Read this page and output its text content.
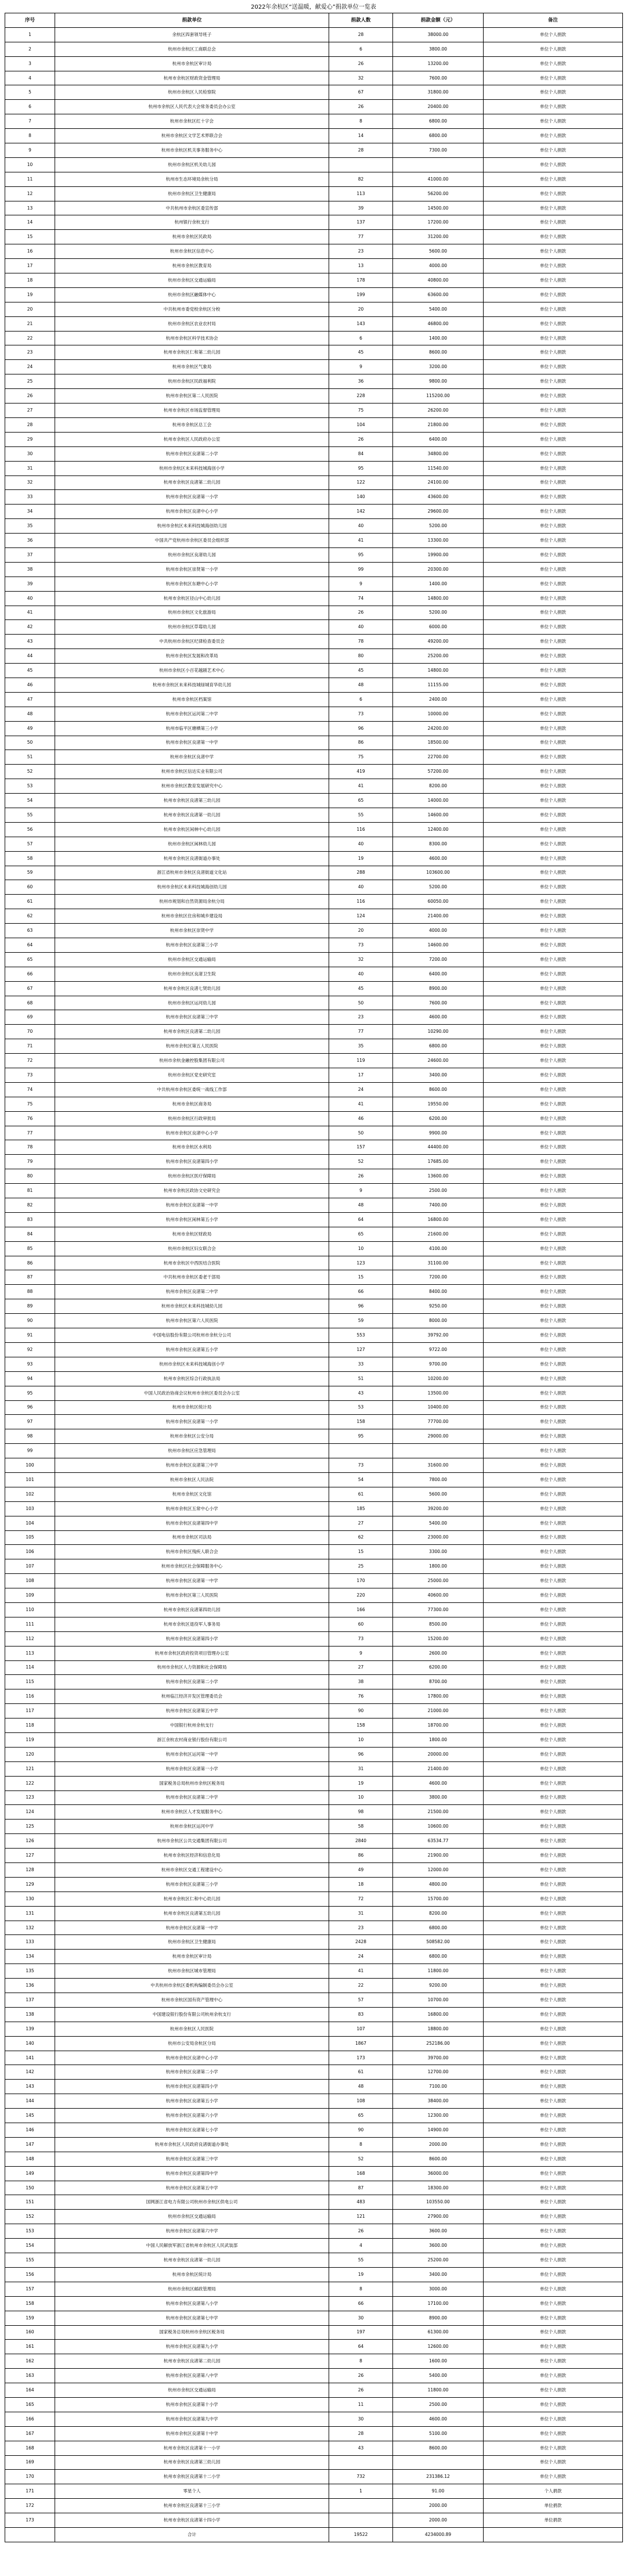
2022年余杭区“送温暖，献爱心”捐款单位一览表
序号	捐款单位	捐款人数	捐款金额（元）	备注
1	余杭区四套领导班子	28	38000.00	单位个人捐款
2	杭州市余杭区工商联总会	6	3800.00	单位个人捐款
3	杭州市余杭区审计局	26	13200.00	单位个人捐款
4	杭州市余杭区财政资金管理局	32	7600.00	单位个人捐款
5	杭州市余杭区人民检察院	67	31800.00	单位个人捐款
6	杭州市余杭区人民代表大会常务委员会办公室	26	20400.00	单位个人捐款
7	杭州市余杭区红十字会	8	6800.00	单位个人捐款
8	杭州市余杭区文学艺术界联合会	14	6800.00	单位个人捐款
9	杭州市余杭区机关事务服务中心	28	7300.00	单位个人捐款
10	杭州市余杭区机关幼儿园			单位个人捐款
11	杭州市生态环境局余杭分局	82	41000.00	单位个人捐款
12	杭州市余杭区卫生健康局	113	56200.00	单位个人捐款
13	中共杭州市余杭区委宣传部	39	14500.00	单位个人捐款
14	杭州银行余杭支行	137	17200.00	单位个人捐款
15	杭州市余杭区民政局	77	31200.00	单位个人捐款
16	杭州市余杭区信息中心	23	5600.00	单位个人捐款
17	杭州市余杭区教育局	13	4000.00	单位个人捐款
18	杭州市余杭区交通运输局	178	40800.00	单位个人捐款
19	杭州市余杭区融媒体中心	199	63600.00	单位个人捐款
20	中共杭州市委党校余杭区分校	20	5400.00	单位个人捐款
21	杭州市余杭区农业农村局	143	46800.00	单位个人捐款
22	杭州市余杭区科学技术协会	6	1400.00	单位个人捐款
23	杭州市余杭区仁和第二幼儿园	45	8600.00	单位个人捐款
24	杭州市余杭区气象局	9	3200.00	单位个人捐款
25	杭州市余杭区民政福利院	36	9800.00	单位个人捐款
26	杭州市余杭区第二人民医院	228	115200.00	单位个人捐款
27	杭州市余杭区市场监督管理局	75	26200.00	单位个人捐款
28	杭州市余杭区总工会	104	21800.00	单位个人捐款
29	杭州市余杭区人民政府办公室	26	6400.00	单位个人捐款
30	杭州市余杭区良渚第二小学	84	34800.00	单位个人捐款
31	杭州市余杭区未来科技城海创小学	95	11540.00	单位个人捐款
32	杭州市余杭区良渚第二幼儿园	122	24100.00	单位个人捐款
33	杭州市余杭区良渚第一小学	140	43600.00	单位个人捐款
34	杭州市余杭区良渚中心小学	142	29600.00	单位个人捐款
35	杭州市余杭区未来科技城海创幼儿园	40	5200.00	单位个人捐款
36	中国共产党杭州市余杭区委员会组织部	41	13300.00	单位个人捐款
37	杭州市余杭区良渚幼儿园	95	19900.00	单位个人捐款
38	杭州市余杭区崇贤第一小学	99	20300.00	单位个人捐款
39	杭州市余杭区东塘中心小学	9	1400.00	单位个人捐款
40	杭州市余杭区径山中心幼儿园	74	14800.00	单位个人捐款
41	杭州市余杭区文化旅游局	26	5200.00	单位个人捐款
42	杭州市余杭区草莓幼儿园	40	6000.00	单位个人捐款
43	中共杭州市余杭区纪律检查委员会	78	49200.00	单位个人捐款
44	杭州市余杭区发展和改革局	80	25200.00	单位个人捐款
45	杭州市余杭区小百花越剧艺术中心	45	14800.00	单位个人捐款
46	杭州市余杭区未来科技城绿城育华幼儿园	48	11155.00	单位个人捐款
47	杭州市余杭区档案馆	6	2400.00	单位个人捐款
48	杭州市余杭区运河第二中学	73	10000.00	单位个人捐款
49	杭州市临平区塘栖第三小学	96	24200.00	单位个人捐款
50	杭州市余杭区良渚第一中学	86	18500.00	单位个人捐款
51	杭州市余杭区良渚中学	75	22700.00	单位个人捐款
52	杭州市余杭区信达实业有限公司	419	57200.00	单位个人捐款
53	杭州市余杭区教育发展研究中心	41	8200.00	单位个人捐款
54	杭州市余杭区良渚第三幼儿园	65	14000.00	单位个人捐款
55	杭州市余杭区良渚第一幼儿园	55	14600.00	单位个人捐款
56	杭州市余杭区闲林中心幼儿园	116	12400.00	单位个人捐款
57	杭州市余杭区闲林幼儿园	40	8300.00	单位个人捐款
58	杭州市余杭区良渚街道办事处	19	4600.00	单位个人捐款
59	浙江省杭州市余杭区良渚街道文化站	288	103600.00	单位个人捐款
60	杭州市余杭区未来科技城海创幼儿园	40	5200.00	单位个人捐款
61	杭州市规划和自然资源局余杭分局	116	60050.00	单位个人捐款
62	杭州市余杭区住房和城乡建设局	124	21400.00	单位个人捐款
63	杭州市余杭区崇贤中学	20	4000.00	单位个人捐款
64	杭州市余杭区良渚第三小学	73	14600.00	单位个人捐款
65	杭州市余杭区交通运输局	32	7200.00	单位个人捐款
66	杭州市余杭区良渚卫生院	40	6400.00	单位个人捐款
67	杭州市余杭区良渚七贤幼儿园	45	8900.00	单位个人捐款
68	杭州市余杭区运河幼儿园	50	7600.00	单位个人捐款
69	杭州市余杭区良渚第三中学	23	4600.00	单位个人捐款
70	杭州市余杭区良渚第二幼儿园	77	10290.00	单位个人捐款
71	杭州市余杭区第五人民医院	35	6800.00	单位个人捐款
72	杭州市余杭金融控股集团有限公司	119	24600.00	单位个人捐款
73	杭州市余杭区党史研究室	17	3400.00	单位个人捐款
74	中共杭州市余杭区委统一战线工作部	24	8600.00	单位个人捐款
75	杭州市余杭区商务局	41	19550.00	单位个人捐款
76	杭州市余杭区行政审批局	46	6200.00	单位个人捐款
77	杭州市余杭区良渚中心小学	50	9900.00	单位个人捐款
78	杭州市余杭区水利局	157	44400.00	单位个人捐款
79	杭州市余杭区良渚第四小学	52	17685.00	单位个人捐款
80	杭州市余杭区医疗保障局	26	13600.00	单位个人捐款
81	杭州市余杭区政协文史研究会	9	2500.00	单位个人捐款
82	杭州市余杭区良渚第一中学	48	7400.00	单位个人捐款
83	杭州市余杭区闲林第五小学	64	16800.00	单位个人捐款
84	杭州市余杭区财政局	65	21600.00	单位个人捐款
85	杭州市余杭区妇女联合会	10	4100.00	单位个人捐款
86	杭州市余杭区中西医结合医院	123	31100.00	单位个人捐款
87	中共杭州市余杭区委老干部局	15	7200.00	单位个人捐款
88	杭州市余杭区良渚第二中学	66	8400.00	单位个人捐款
89	杭州市余杭区未来科技城幼儿园	96	9250.00	单位个人捐款
90	杭州市余杭区第六人民医院	59	8000.00	单位个人捐款
91	中国电信股份有限公司杭州市余杭分公司	553	39792.00	单位个人捐款
92	杭州市余杭区良渚第五小学	127	9722.00	单位个人捐款
93	杭州市余杭区未来科技城海创小学	33	9700.00	单位个人捐款
94	杭州市余杭区综合行政执法局	51	10200.00	单位个人捐款
95	中国人民政治协商会议杭州市余杭区委员会办公室	43	13500.00	单位个人捐款
96	杭州市余杭区统计局	53	10400.00	单位个人捐款
97	杭州市余杭区良渚第一小学	158	77700.00	单位个人捐款
98	杭州市余杭区公安分局	95	29000.00	单位个人捐款
99	杭州市余杭区应急管理局			单位个人捐款
100	杭州市余杭区良渚第三中学	73	31600.00	单位个人捐款
101	杭州市余杭区人民法院	54	7800.00	单位个人捐款
102	杭州市余杭区文化馆	61	5600.00	单位个人捐款
103	杭州市余杭区五常中心小学	185	39200.00	单位个人捐款
104	杭州市余杭区良渚第四中学	27	5400.00	单位个人捐款
105	杭州市余杭区司法局	62	23000.00	单位个人捐款
106	杭州市余杭区残疾人联合会	15	3300.00	单位个人捐款
107	杭州市余杭区社会保障服务中心	25	1800.00	单位个人捐款
108	杭州市余杭区良渚第一中学	170	25000.00	单位个人捐款
109	杭州市余杭区第三人民医院	220	40600.00	单位个人捐款
110	杭州市余杭区良渚第四幼儿园	166	77300.00	单位个人捐款
111	杭州市余杭区退役军人事务局	60	8500.00	单位个人捐款
112	杭州市余杭区良渚第四小学	73	15200.00	单位个人捐款
113	杭州市余杭区政府投资项目管理办公室	9	2600.00	单位个人捐款
114	杭州市余杭区人力资源和社会保障局	27	6200.00	单位个人捐款
115	杭州市余杭区良渚第二小学	38	8700.00	单位个人捐款
116	杭州临江经济开发区管理委员会	76	17800.00	单位个人捐款
117	杭州市余杭区良渚第五中学	90	21000.00	单位个人捐款
118	中国银行杭州余杭支行	158	18700.00	单位个人捐款
119	浙江余杭农村商业银行股份有限公司	10	1800.00	单位个人捐款
120	杭州市余杭区运河第一中学	96	20000.00	单位个人捐款
121	杭州市余杭区良渚第一小学	31	21400.00	单位个人捐款
122	国家税务总局杭州市余杭区税务局	19	4600.00	单位个人捐款
123	杭州市余杭区良渚第二中学	10	3800.00	单位个人捐款
124	杭州市余杭区人才发展服务中心	98	21500.00	单位个人捐款
125	杭州市余杭区运河中学	58	10600.00	单位个人捐款
126	杭州市余杭区公共交通集团有限公司	2840	63534.77	单位个人捐款
127	杭州市余杭区经济和信息化局	86	21900.00	单位个人捐款
128	杭州市余杭区交通工程建设中心	49	12000.00	单位个人捐款
129	杭州市余杭区良渚第三小学	18	4800.00	单位个人捐款
130	杭州市余杭区仁和中心幼儿园	72	15700.00	单位个人捐款
131	杭州市余杭区良渚第五幼儿园	31	8200.00	单位个人捐款
132	杭州市余杭区良渚第一中学	23	6800.00	单位个人捐款
133	杭州市余杭区卫生健康局	2428	508582.00	单位个人捐款
134	杭州市余杭区审计局	24	6800.00	单位个人捐款
135	杭州市余杭区城市管理局	41	11800.00	单位个人捐款
136	中共杭州市余杭区委机构编制委员会办公室	22	9200.00	单位个人捐款
137	杭州市余杭区国有资产管理中心	57	10700.00	单位个人捐款
138	中国建设银行股份有限公司杭州余杭支行	83	16800.00	单位个人捐款
139	杭州市余杭区人民医院	107	18800.00	单位个人捐款
140	杭州市公安局余杭区分局	1867	252186.00	单位个人捐款
141	杭州市余杭区良渚中心小学	173	39700.00	单位个人捐款
142	杭州市余杭区良渚第二小学	61	12700.00	单位个人捐款
143	杭州市余杭区良渚第四小学	48	7100.00	单位个人捐款
144	杭州市余杭区良渚第五小学	108	38400.00	单位个人捐款
145	杭州市余杭区良渚第六小学	65	12300.00	单位个人捐款
146	杭州市余杭区良渚第七小学	90	14900.00	单位个人捐款
147	杭州市余杭区人民政府良渚街道办事处	8	2000.00	单位个人捐款
148	杭州市余杭区良渚第三中学	52	8600.00	单位个人捐款
149	杭州市余杭区良渚第四中学	168	36000.00	单位个人捐款
150	杭州市余杭区良渚第五中学	87	18300.00	单位个人捐款
151	国网浙江省电力有限公司杭州市余杭区供电公司	483	103550.00	单位个人捐款
152	杭州市余杭区交通运输局	121	27900.00	单位个人捐款
153	杭州市余杭区良渚第六中学	26	3600.00	单位个人捐款
154	中国人民解放军浙江省杭州市余杭区人民武装部	4	3600.00	单位个人捐款
155	杭州市余杭区良渚第一幼儿园	55	25200.00	单位个人捐款
156	杭州市余杭区统计局	19	3400.00	单位个人捐款
157	杭州市余杭区邮政管理局	8	3000.00	单位个人捐款
158	杭州市余杭区良渚第八小学	66	17100.00	单位个人捐款
159	杭州市余杭区良渚第七中学	30	8900.00	单位个人捐款
160	国家税务总局杭州市余杭区税务局	197	61300.00	单位个人捐款
161	杭州市余杭区良渚第九小学	64	12600.00	单位个人捐款
162	杭州市余杭区良渚第二幼儿园	8	1600.00	单位个人捐款
163	杭州市余杭区良渚第八中学	26	5400.00	单位个人捐款
164	杭州市余杭区交通运输局	26	11800.00	单位个人捐款
165	杭州市余杭区良渚第十小学	11	2500.00	单位个人捐款
166	杭州市余杭区良渚第九中学	30	4600.00	单位个人捐款
167	杭州市余杭区良渚第十中学	28	5100.00	单位个人捐款
168	杭州市余杭区良渚第十一小学	43	8600.00	单位个人捐款
169	杭州市余杭区良渚第三幼儿园			单位个人捐款
170	杭州市余杭区良渚第十二小学	732	231386.12	单位个人捐款
171	零星个人	1	91.00	个人捐款
172	杭州市余杭区良渚第十三小学		2000.00	单位捐款
173	杭州市余杭区良渚第十四小学		2000.00	单位捐款
	合计	19522	4234000.89	
